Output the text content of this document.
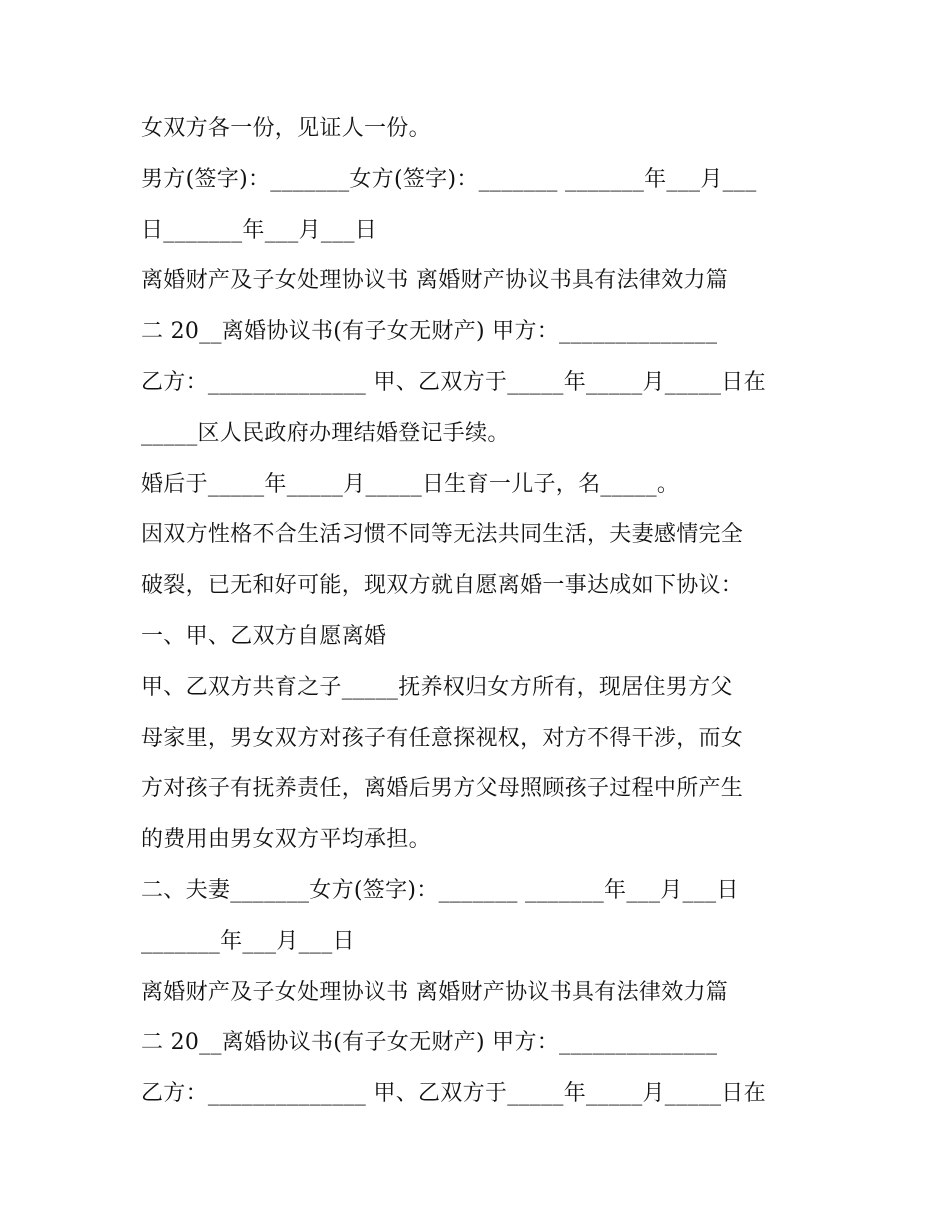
女双方各一份，见证人一份。
男方(签字)：_______女方(签字)：_______ _______年___月___
日_______年___月___日
离婚财产及子女处理协议书 离婚财产协议书具有法律效力篇
二 20__离婚协议书(有子女无财产) 甲方：______________
乙方：______________ 甲、乙双方于_____年_____月_____日在
_____区人民政府办理结婚登记手续。
婚后于_____年_____月_____日生育一儿子，名_____。
因双方性格不合生活习惯不同等无法共同生活，夫妻感情完全
破裂，已无和好可能，现双方就自愿离婚一事达成如下协议：
一、甲、乙双方自愿离婚
甲、乙双方共育之子_____抚养权归女方所有，现居住男方父
母家里，男女双方对孩子有任意探视权，对方不得干涉，而女
方对孩子有抚养责任，离婚后男方父母照顾孩子过程中所产生
的费用由男女双方平均承担。
二、夫妻_______女方(签字)：_______ _______年___月___日
_______年___月___日
离婚财产及子女处理协议书 离婚财产协议书具有法律效力篇
二 20__离婚协议书(有子女无财产) 甲方：______________
乙方：______________ 甲、乙双方于_____年_____月_____日在
